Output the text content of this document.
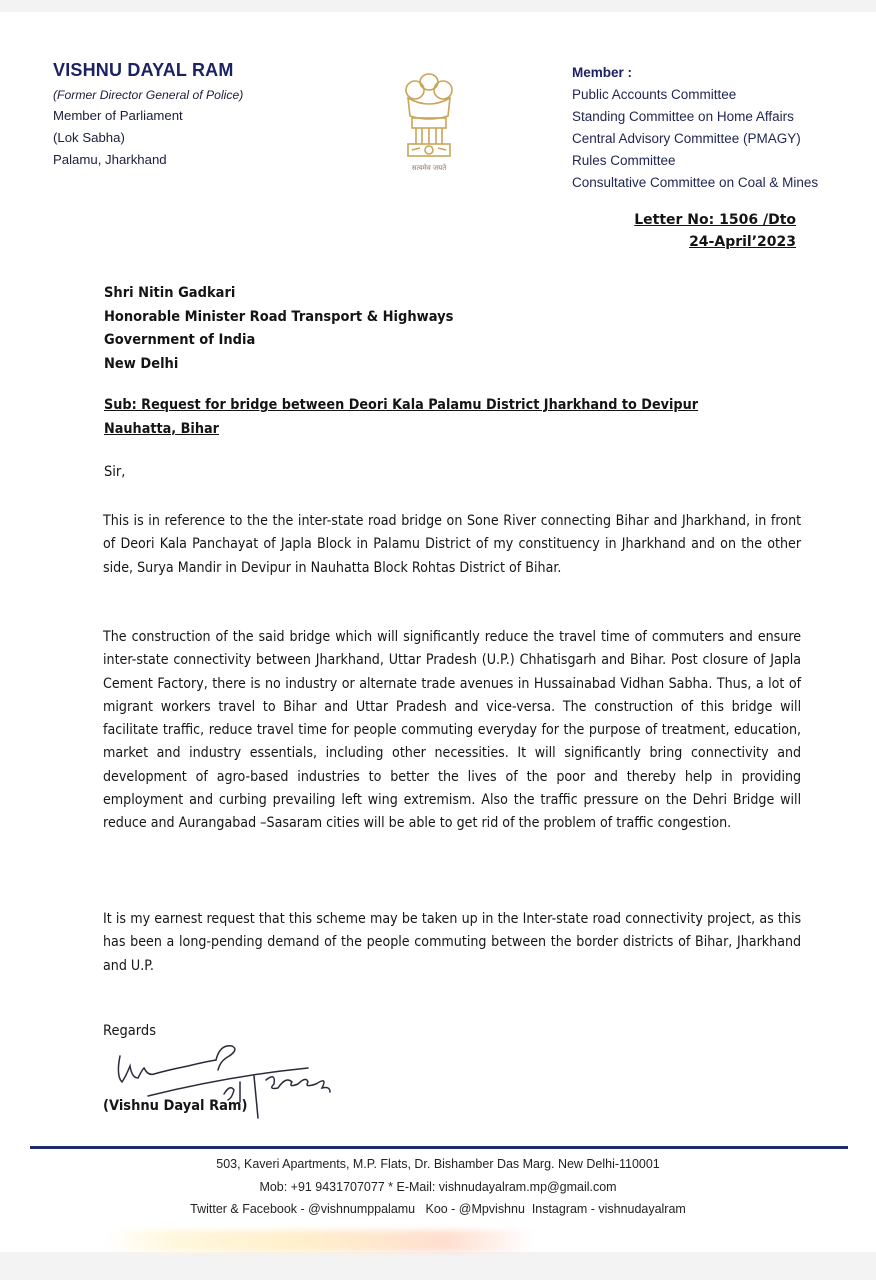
VISHNU DAYAL RAM
(Former Director General of Police)
Member of Parliament
(Lok Sabha)
Palamu, Jharkhand
सत्यमेव जयते
Member :
Public Accounts Committee
Standing Committee on Home Affairs
Central Advisory Committee (PMAGY)
Rules Committee
Consultative Committee on Coal & Mines
Letter No: 1506 /Dto
24-April’2023
Shri Nitin Gadkari
Honorable Minister Road Transport & Highways
Government of India
New Delhi
Sub: Request for bridge between Deori Kala Palamu District Jharkhand to Devipur Nauhatta, Bihar
Sir,
This is in reference to the the inter-state road bridge on Sone River connecting Bihar and Jharkhand, in front of Deori Kala Panchayat of Japla Block in Palamu District of my constituency in Jharkhand and on the other side, Surya Mandir in Devipur in Nauhatta Block Rohtas District of Bihar.
The construction of the said bridge which will significantly reduce the travel time of commuters and ensure inter-state connectivity between Jharkhand, Uttar Pradesh (U.P.) Chhatisgarh and Bihar. Post closure of Japla Cement Factory, there is no industry or alternate trade avenues in Hussainabad Vidhan Sabha. Thus, a lot of migrant workers travel to Bihar and Uttar Pradesh and vice-versa. The construction of this bridge will facilitate traffic, reduce travel time for people commuting everyday for the purpose of treatment, education, market and industry essentials, including other necessities. It will significantly bring connectivity and development of agro-based industries to better the lives of the poor and thereby help in providing employment and curbing prevailing left wing extremism. Also the traffic pressure on the Dehri Bridge will reduce and Aurangabad –Sasaram cities will be able to get rid of the problem of traffic congestion.
It is my earnest request that this scheme may be taken up in the Inter-state road connectivity project, as this has been a long-pending demand of the people commuting between the border districts of Bihar, Jharkhand and U.P.
Regards
(Vishnu Dayal Ram)
503, Kaveri Apartments, M.P. Flats, Dr. Bishamber Das Marg. New Delhi-110001
Mob: +91 9431707077 * E-Mail: vishnudayalram.mp@gmail.com
Twitter & Facebook - @vishnumppalamu   Koo - @Mpvishnu  Instagram - vishnudayalram
